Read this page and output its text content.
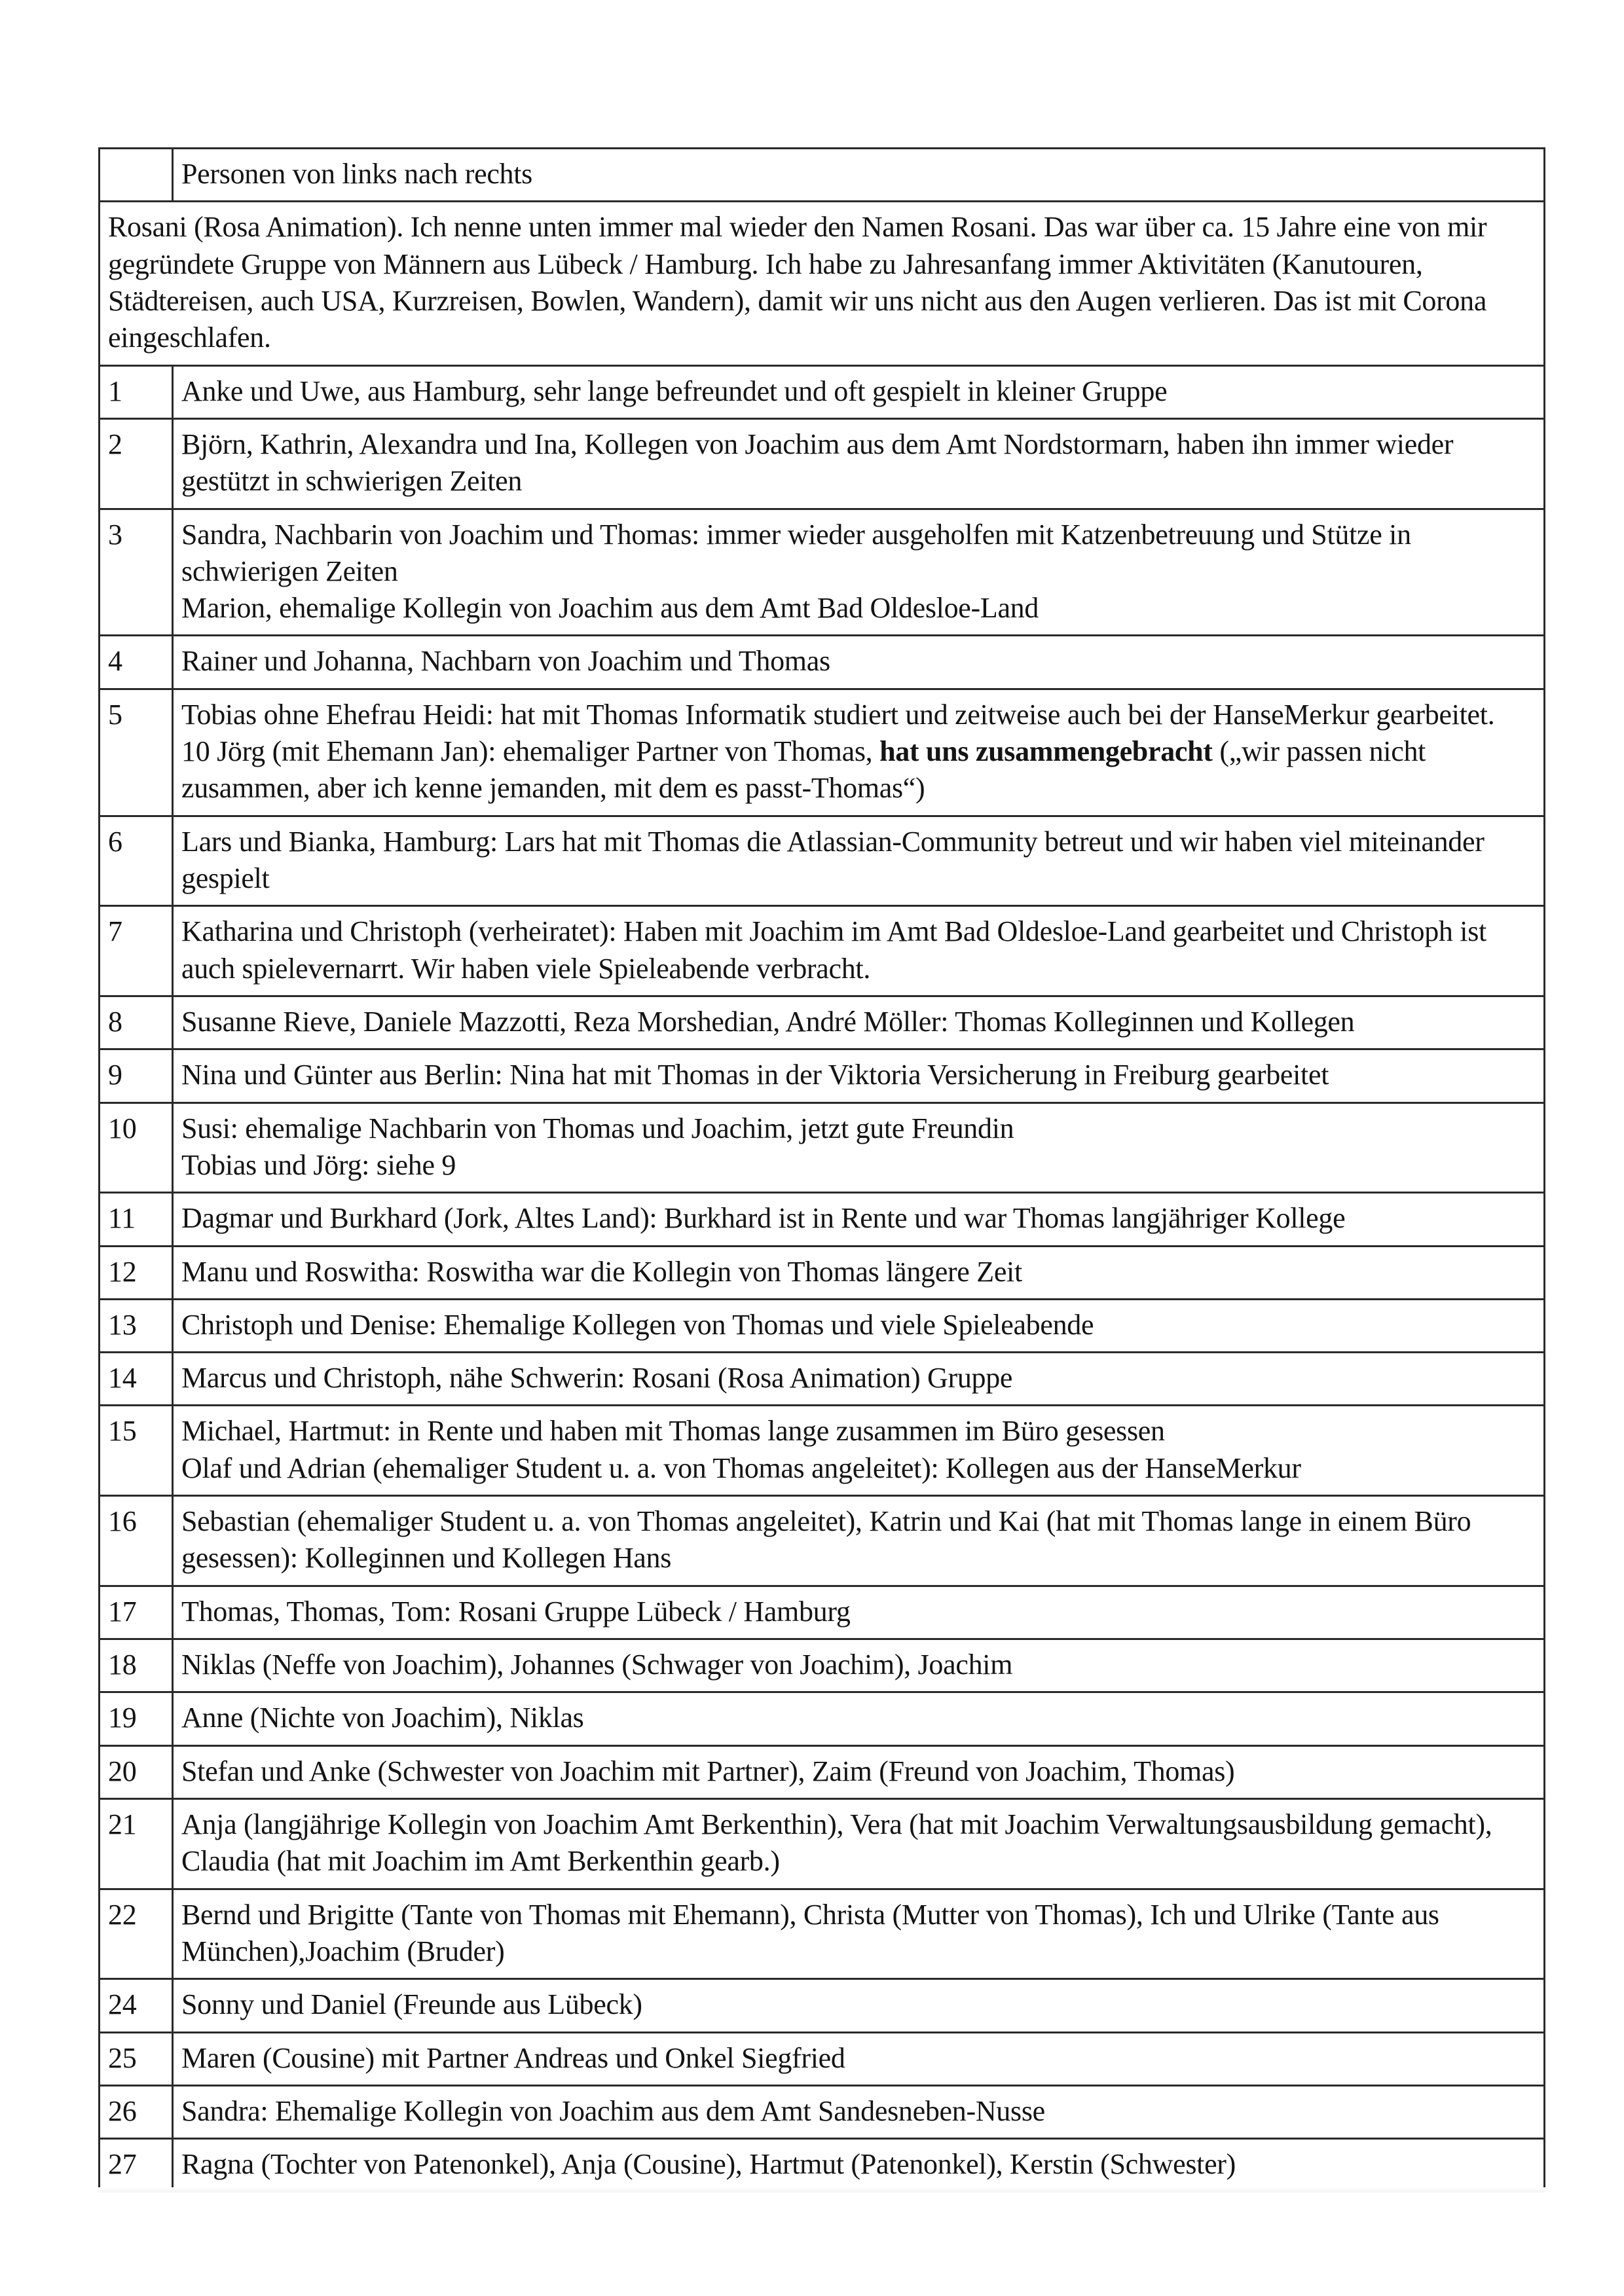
	Personen von links nach rechts
Rosani (Rosa Animation). Ich nenne unten immer mal wieder den Namen Rosani. Das war über ca. 15 Jahre eine von mir gegründete Gruppe von Männern aus Lübeck / Hamburg. Ich habe zu Jahresanfang immer Aktivitäten (Kanutouren, Städtereisen, auch USA, Kurzreisen, Bowlen, Wandern), damit wir uns nicht aus den Augen verlieren. Das ist mit Corona eingeschlafen.	
1	Anke und Uwe, aus Hamburg, sehr lange befreundet und oft gespielt in kleiner Gruppe

2	Björn, Kathrin, Alexandra und Ina, Kollegen von Joachim aus dem Amt Nordstormarn, haben ihn immer wieder gestützt in schwierigen Zeiten

3	Sandra, Nachbarin von Joachim und Thomas: immer wieder ausgeholfen mit Katzenbetreuung und Stütze in schwierigen Zeiten
Marion, ehemalige Kollegin von Joachim aus dem Amt Bad Oldesloe-Land

4	Rainer und Johanna, Nachbarn von Joachim und Thomas

5	Tobias ohne Ehefrau Heidi: hat mit Thomas Informatik studiert und zeitweise auch bei der HanseMerkur gearbeitet.
10 Jörg (mit Ehemann Jan): ehemaliger Partner von Thomas, hat uns zusammengebracht („wir passen nicht zusammen, aber ich kenne jemanden, mit dem es passt-Thomas“)

6	Lars und Bianka, Hamburg: Lars hat mit Thomas die Atlassian-Community betreut und wir haben viel miteinander gespielt

7	Katharina und Christoph (verheiratet): Haben mit Joachim im Amt Bad Oldesloe-Land gearbeitet und Christoph ist auch spielevernarrt. Wir haben viele Spieleabende verbracht.

8	Susanne Rieve, Daniele Mazzotti, Reza Morshedian, André Möller: Thomas Kolleginnen und Kollegen

9	Nina und Günter aus Berlin: Nina hat mit Thomas in der Viktoria Versicherung in Freiburg gearbeitet

10	Susi: ehemalige Nachbarin von Thomas und Joachim, jetzt gute Freundin
Tobias und Jörg: siehe 9

11	Dagmar und Burkhard (Jork, Altes Land): Burkhard ist in Rente und war Thomas langjähriger Kollege

12	Manu und Roswitha: Roswitha war die Kollegin von Thomas längere Zeit

13	Christoph und Denise: Ehemalige Kollegen von Thomas und viele Spieleabende

14	Marcus und Christoph, nähe Schwerin: Rosani (Rosa Animation) Gruppe

15	Michael, Hartmut: in Rente und haben mit Thomas lange zusammen im Büro gesessen
Olaf und Adrian (ehemaliger Student u. a. von Thomas angeleitet): Kollegen aus der HanseMerkur

16	Sebastian (ehemaliger Student u. a. von Thomas angeleitet), Katrin und Kai (hat mit Thomas lange in einem Büro gesessen): Kolleginnen und Kollegen Hans

17	Thomas, Thomas, Tom: Rosani Gruppe Lübeck / Hamburg

18	Niklas (Neffe von Joachim), Johannes (Schwager von Joachim), Joachim

19	Anne (Nichte von Joachim), Niklas

20	Stefan und Anke (Schwester von Joachim mit Partner), Zaim (Freund von Joachim, Thomas)

21	Anja (langjährige Kollegin von Joachim Amt Berkenthin), Vera (hat mit Joachim Verwaltungsausbildung gemacht), Claudia (hat mit Joachim im Amt Berkenthin gearb.)

22	Bernd und Brigitte (Tante von Thomas mit Ehemann), Christa (Mutter von Thomas), Ich und Ulrike (Tante aus München),Joachim (Bruder)

24	Sonny und Daniel (Freunde aus Lübeck)

25	Maren (Cousine) mit Partner Andreas und Onkel Siegfried

26	Sandra: Ehemalige Kollegin von Joachim aus dem Amt Sandesneben-Nusse

27	Ragna (Tochter von Patenonkel), Anja (Cousine), Hartmut (Patenonkel), Kerstin (Schwester)
